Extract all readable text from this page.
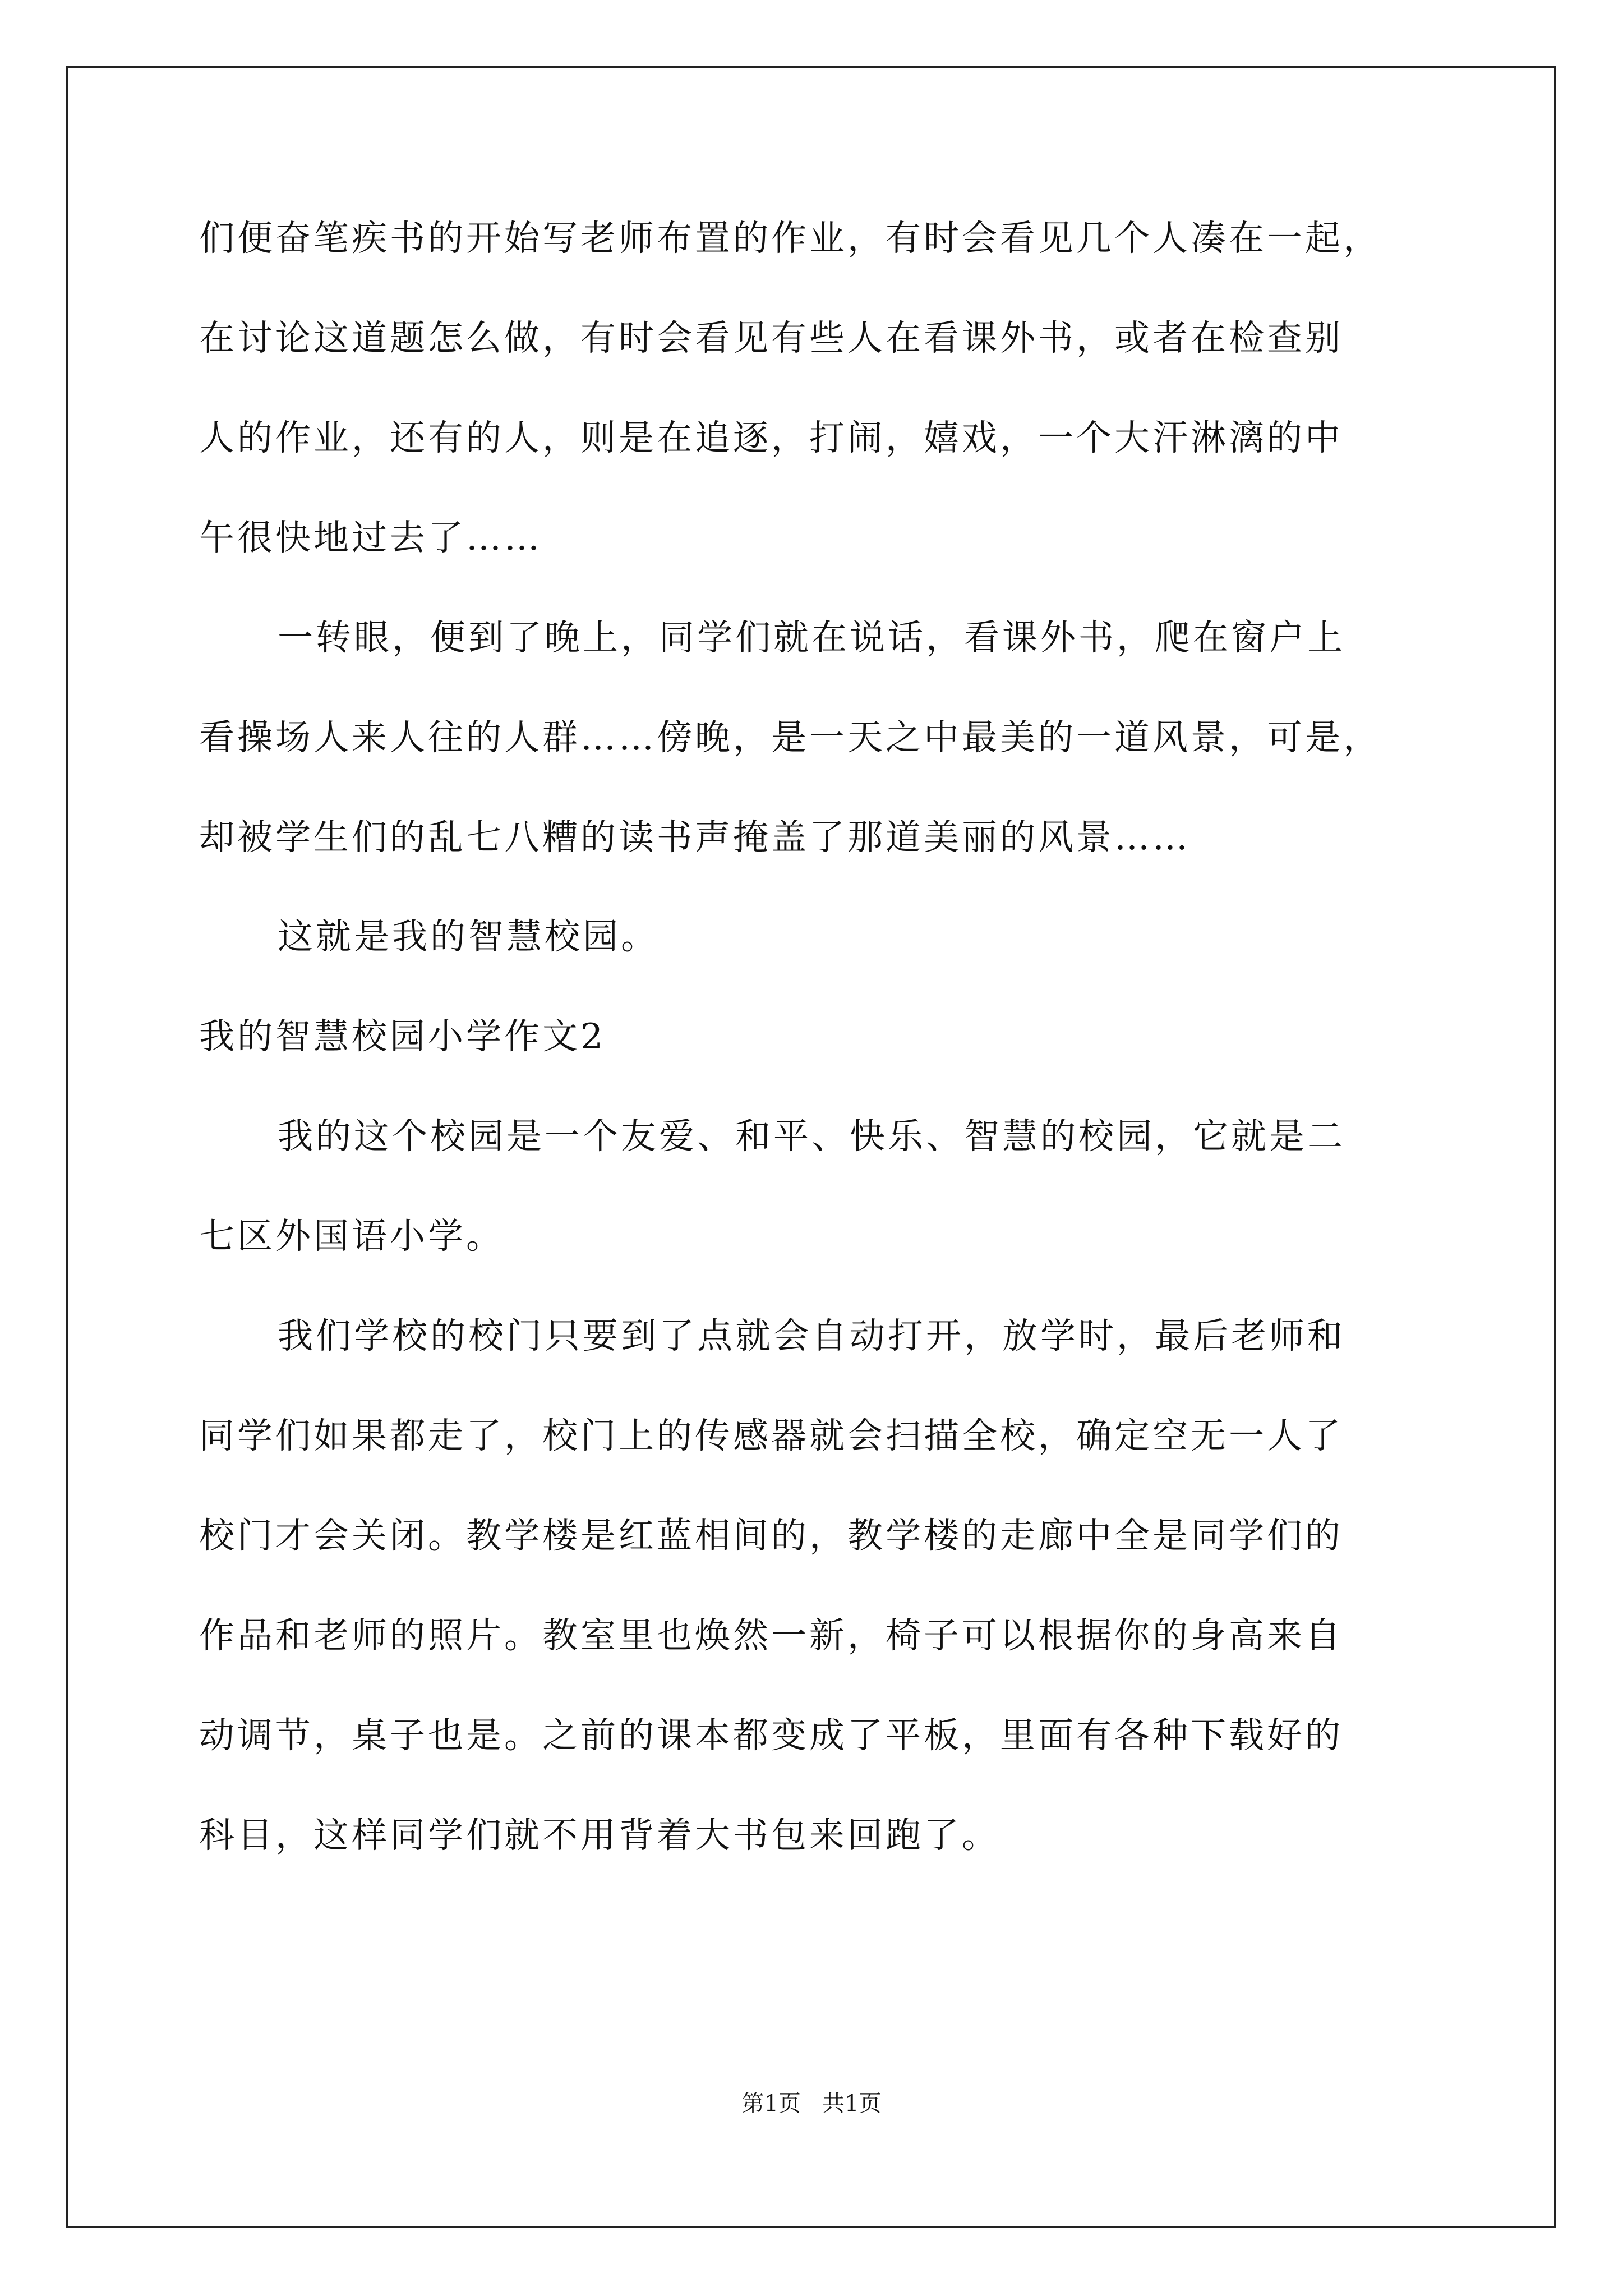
们便奋笔疾书的开始写老师布置的作业，有时会看见几个人凑在一起，
在讨论这道题怎么做，有时会看见有些人在看课外书，或者在检查别
人的作业，还有的人，则是在追逐，打闹，嬉戏，一个大汗淋漓的中
午很快地过去了……
一转眼，便到了晚上，同学们就在说话，看课外书，爬在窗户上
看操场人来人往的人群……傍晚，是一天之中最美的一道风景，可是，
却被学生们的乱七八糟的读书声掩盖了那道美丽的风景……
这就是我的智慧校园。
我的智慧校园小学作文2
我的这个校园是一个友爱、和平、快乐、智慧的校园，它就是二
七区外国语小学。
我们学校的校门只要到了点就会自动打开，放学时，最后老师和
同学们如果都走了，校门上的传感器就会扫描全校，确定空无一人了
校门才会关闭。教学楼是红蓝相间的，教学楼的走廊中全是同学们的
作品和老师的照片。教室里也焕然一新，椅子可以根据你的身高来自
动调节，桌子也是。之前的课本都变成了平板，里面有各种下载好的
科目，这样同学们就不用背着大书包来回跑了。
第1页   共1页
